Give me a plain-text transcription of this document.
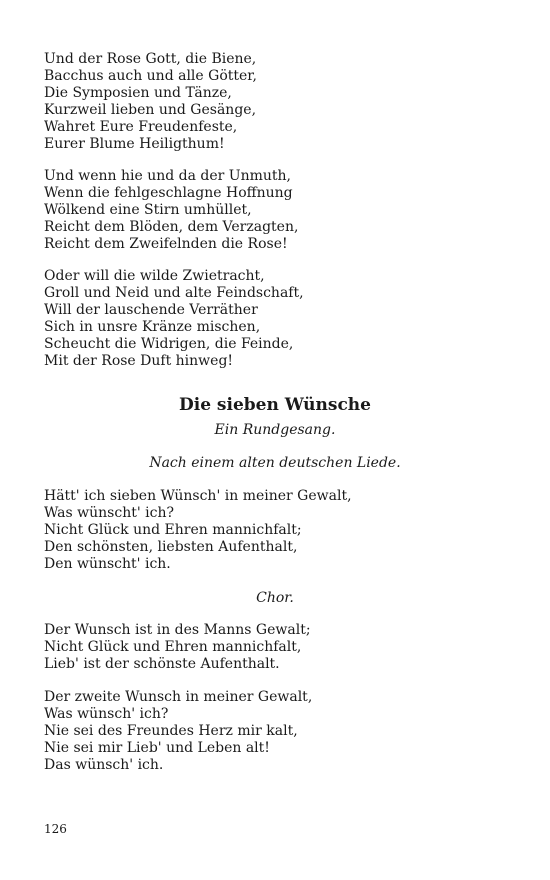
Und der Rose Gott, die Biene,
Bacchus auch und alle Götter,
Die Symposien und Tänze,
Kurzweil lieben und Gesänge,
Wahret Eure Freudenfeste,
Eurer Blume Heiligthum!
Und wenn hie und da der Unmuth,
Wenn die fehlgeschlagne Hoffnung
Wölkend eine Stirn umhüllet,
Reicht dem Blöden, dem Verzagten,
Reicht dem Zweifelnden die Rose!
Oder will die wilde Zwietracht,
Groll und Neid und alte Feindschaft,
Will der lauschende Verräther
Sich in unsre Kränze mischen,
Scheucht die Widrigen, die Feinde,
Mit der Rose Duft hinweg!
Die sieben Wünsche
Ein Rundgesang.
Nach einem alten deutschen Liede.
Hätt' ich sieben Wünsch' in meiner Gewalt,
Was wünscht' ich?
Nicht Glück und Ehren mannichfalt;
Den schönsten, liebsten Aufenthalt,
Den wünscht' ich.
Chor.
Der Wunsch ist in des Manns Gewalt;
Nicht Glück und Ehren mannichfalt,
Lieb' ist der schönste Aufenthalt.
Der zweite Wunsch in meiner Gewalt,
Was wünsch' ich?
Nie sei des Freundes Herz mir kalt,
Nie sei mir Lieb' und Leben alt!
Das wünsch' ich.
126
